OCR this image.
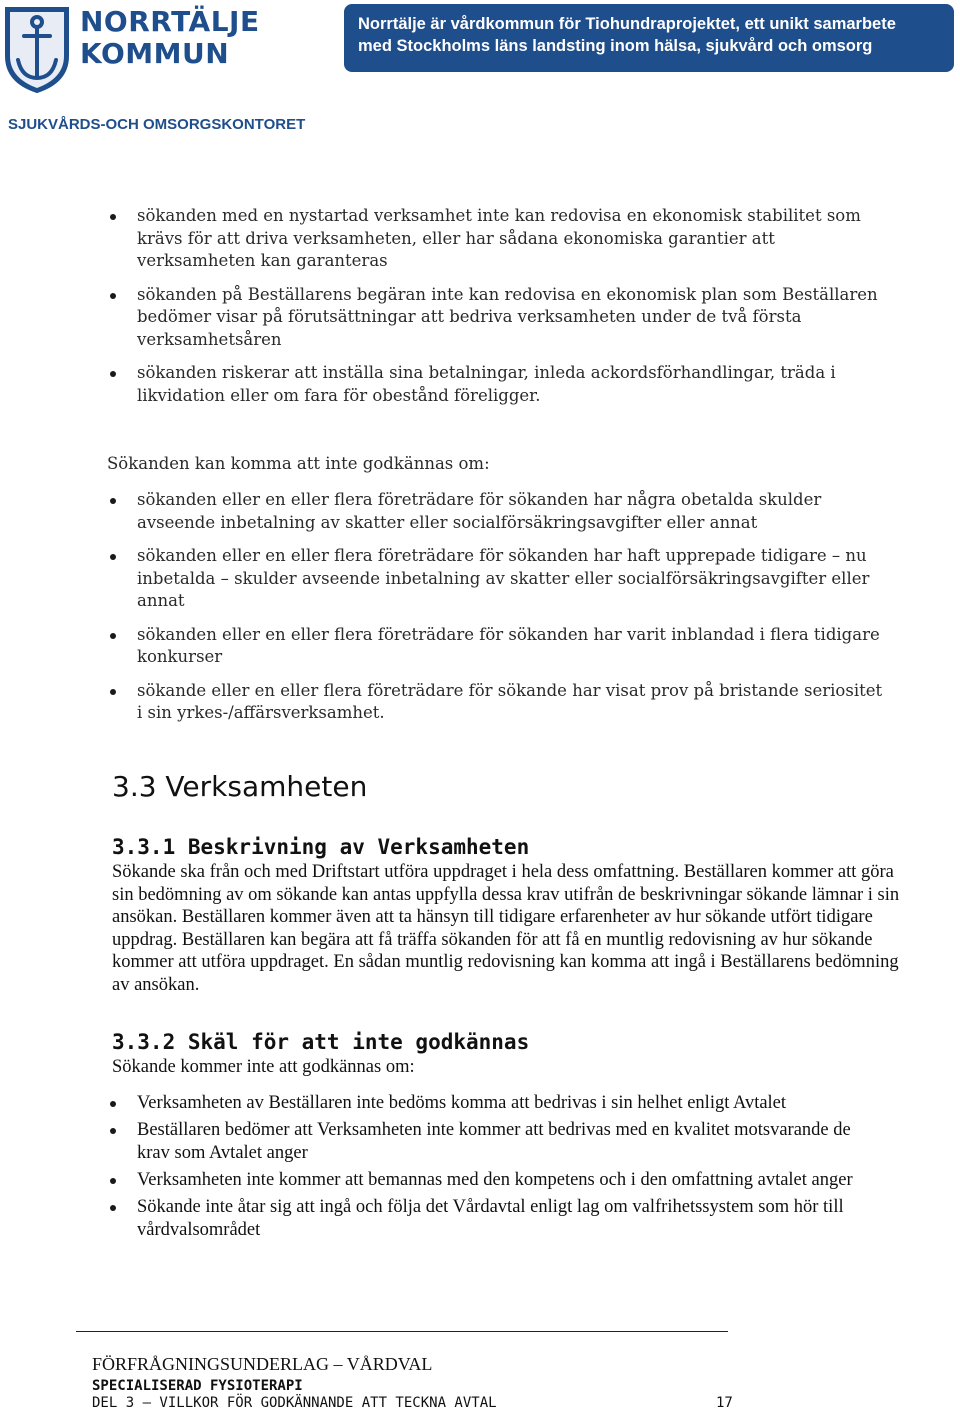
NORRTÄLJE
KOMMUN
Norrtälje är vårdkommun för Tiohundraprojektet, ett unikt samarbete
med Stockholms läns landsting inom hälsa, sjukvård och omsorg
SJUKVÅRDS-OCH OMSORGSKONTORET
sökanden med en nystartad verksamhet inte kan redovisa en ekonomisk stabilitet som krävs för att driva verksamheten, eller har sådana ekonomiska garantier att verksamheten kan garanteras
sökanden på Beställarens begäran inte kan redovisa en ekonomisk plan som Beställaren bedömer visar på förutsättningar att bedriva verksamheten under de två första verksamhetsåren
sökanden riskerar att inställa sina betalningar, inleda ackordsförhandlingar, träda i likvidation eller om fara för obestånd föreligger.
Sökanden kan komma att inte godkännas om:
sökanden eller en eller flera företrädare för sökanden har några obetalda skulder avseende inbetalning av skatter eller socialförsäkringsavgifter eller annat
sökanden eller en eller flera företrädare för sökanden har haft upprepade tidigare – nu inbetalda – skulder avseende inbetalning av skatter eller socialförsäkringsavgifter eller annat
sökanden eller en eller flera företrädare för sökanden har varit inblandad i flera tidigare konkurser
sökande eller en eller flera företrädare för sökande har visat prov på bristande seriositet i sin yrkes-/affärsverksamhet.
3.3 Verksamheten
3.3.1 Beskrivning av Verksamheten
Sökande ska från och med Driftstart utföra uppdraget i hela dess omfattning. Beställaren kommer att göra sin bedömning av om sökande kan antas uppfylla dessa krav utifrån de beskrivningar sökande lämnar i sin ansökan. Beställaren kommer även att ta hänsyn till tidigare erfarenheter av hur sökande utfört tidigare uppdrag. Beställaren kan begära att få träffa sökanden för att få en muntlig redovisning av hur sökande kommer att utföra uppdraget. En sådan muntlig redovisning kan komma att ingå i Beställarens bedömning av ansökan.
3.3.2 Skäl för att inte godkännas
Sökande kommer inte att godkännas om:
Verksamheten av Beställaren inte bedöms komma att bedrivas i sin helhet enligt Avtalet
Beställaren bedömer att Verksamheten inte kommer att bedrivas med en kvalitet motsvarande de krav som Avtalet anger
Verksamheten inte kommer att bemannas med den kompetens och i den omfattning avtalet anger
Sökande inte åtar sig att ingå och följa det Vårdavtal enligt lag om valfrihetssystem som hör till vårdvalsområdet
FÖRFRÅGNINGSUNDERLAG – VÅRDVAL
SPECIALISERAD FYSIOTERAPI
DEL 3 – VILLKOR FÖR GODKÄNNANDE ATT TECKNA AVTAL	17
